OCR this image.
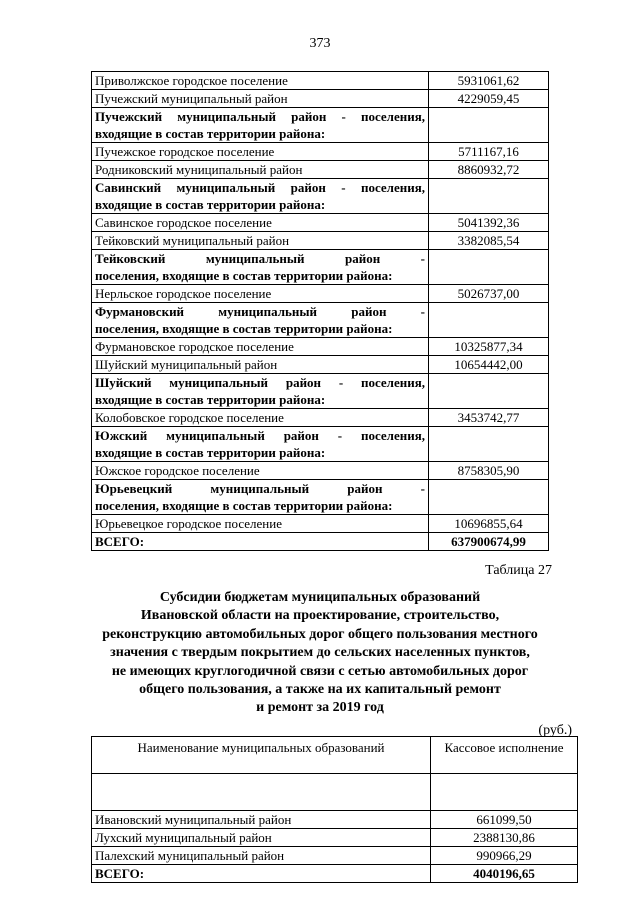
373
Приволжское городское поселение	5931061,62
Пучежский муниципальный район	4229059,45

Пучежский муниципальный район - поселения,
входящие в состав территории района:	

Пучежское городское поселение	5711167,16
Родниковский муниципальный район	8860932,72

Савинский муниципальный район - поселения,
входящие в состав территории района:	

Савинское городское поселение	5041392,36
Тейковский муниципальный район	3382085,54

Тейковский муниципальный район -
поселения, входящие в состав территории района:	

Нерльское городское поселение	5026737,00

Фурмановский муниципальный район -
поселения, входящие в состав территории района:	

Фурмановское городское поселение	10325877,34
Шуйский муниципальный район	10654442,00

Шуйский муниципальный район - поселения,
входящие в состав территории района:	

Колобовское городское поселение	3453742,77

Южский муниципальный район - поселения,
входящие в состав территории района:	

Южское городское поселение	8758305,90

Юрьевецкий муниципальный район -
поселения, входящие в состав территории района:	

Юрьевецкое городское поселение	10696855,64
ВСЕГО:	637900674,99
Таблица 27
Субсидии бюджетам муниципальных образований
Ивановской области на проектирование, строительство,
реконструкцию автомобильных дорог общего пользования местного
значения с твердым покрытием до сельских населенных пунктов,
не имеющих круглогодичной связи с сетью автомобильных дорог
общего пользования, а также на их капитальный ремонт
и ремонт за 2019 год
(руб.)
Наименование муниципальных образований	Кассовое исполнение

Ивановский муниципальный район	661099,50
Лухский муниципальный район	2388130,86
Палехский муниципальный район	990966,29
ВСЕГО:	4040196,65
